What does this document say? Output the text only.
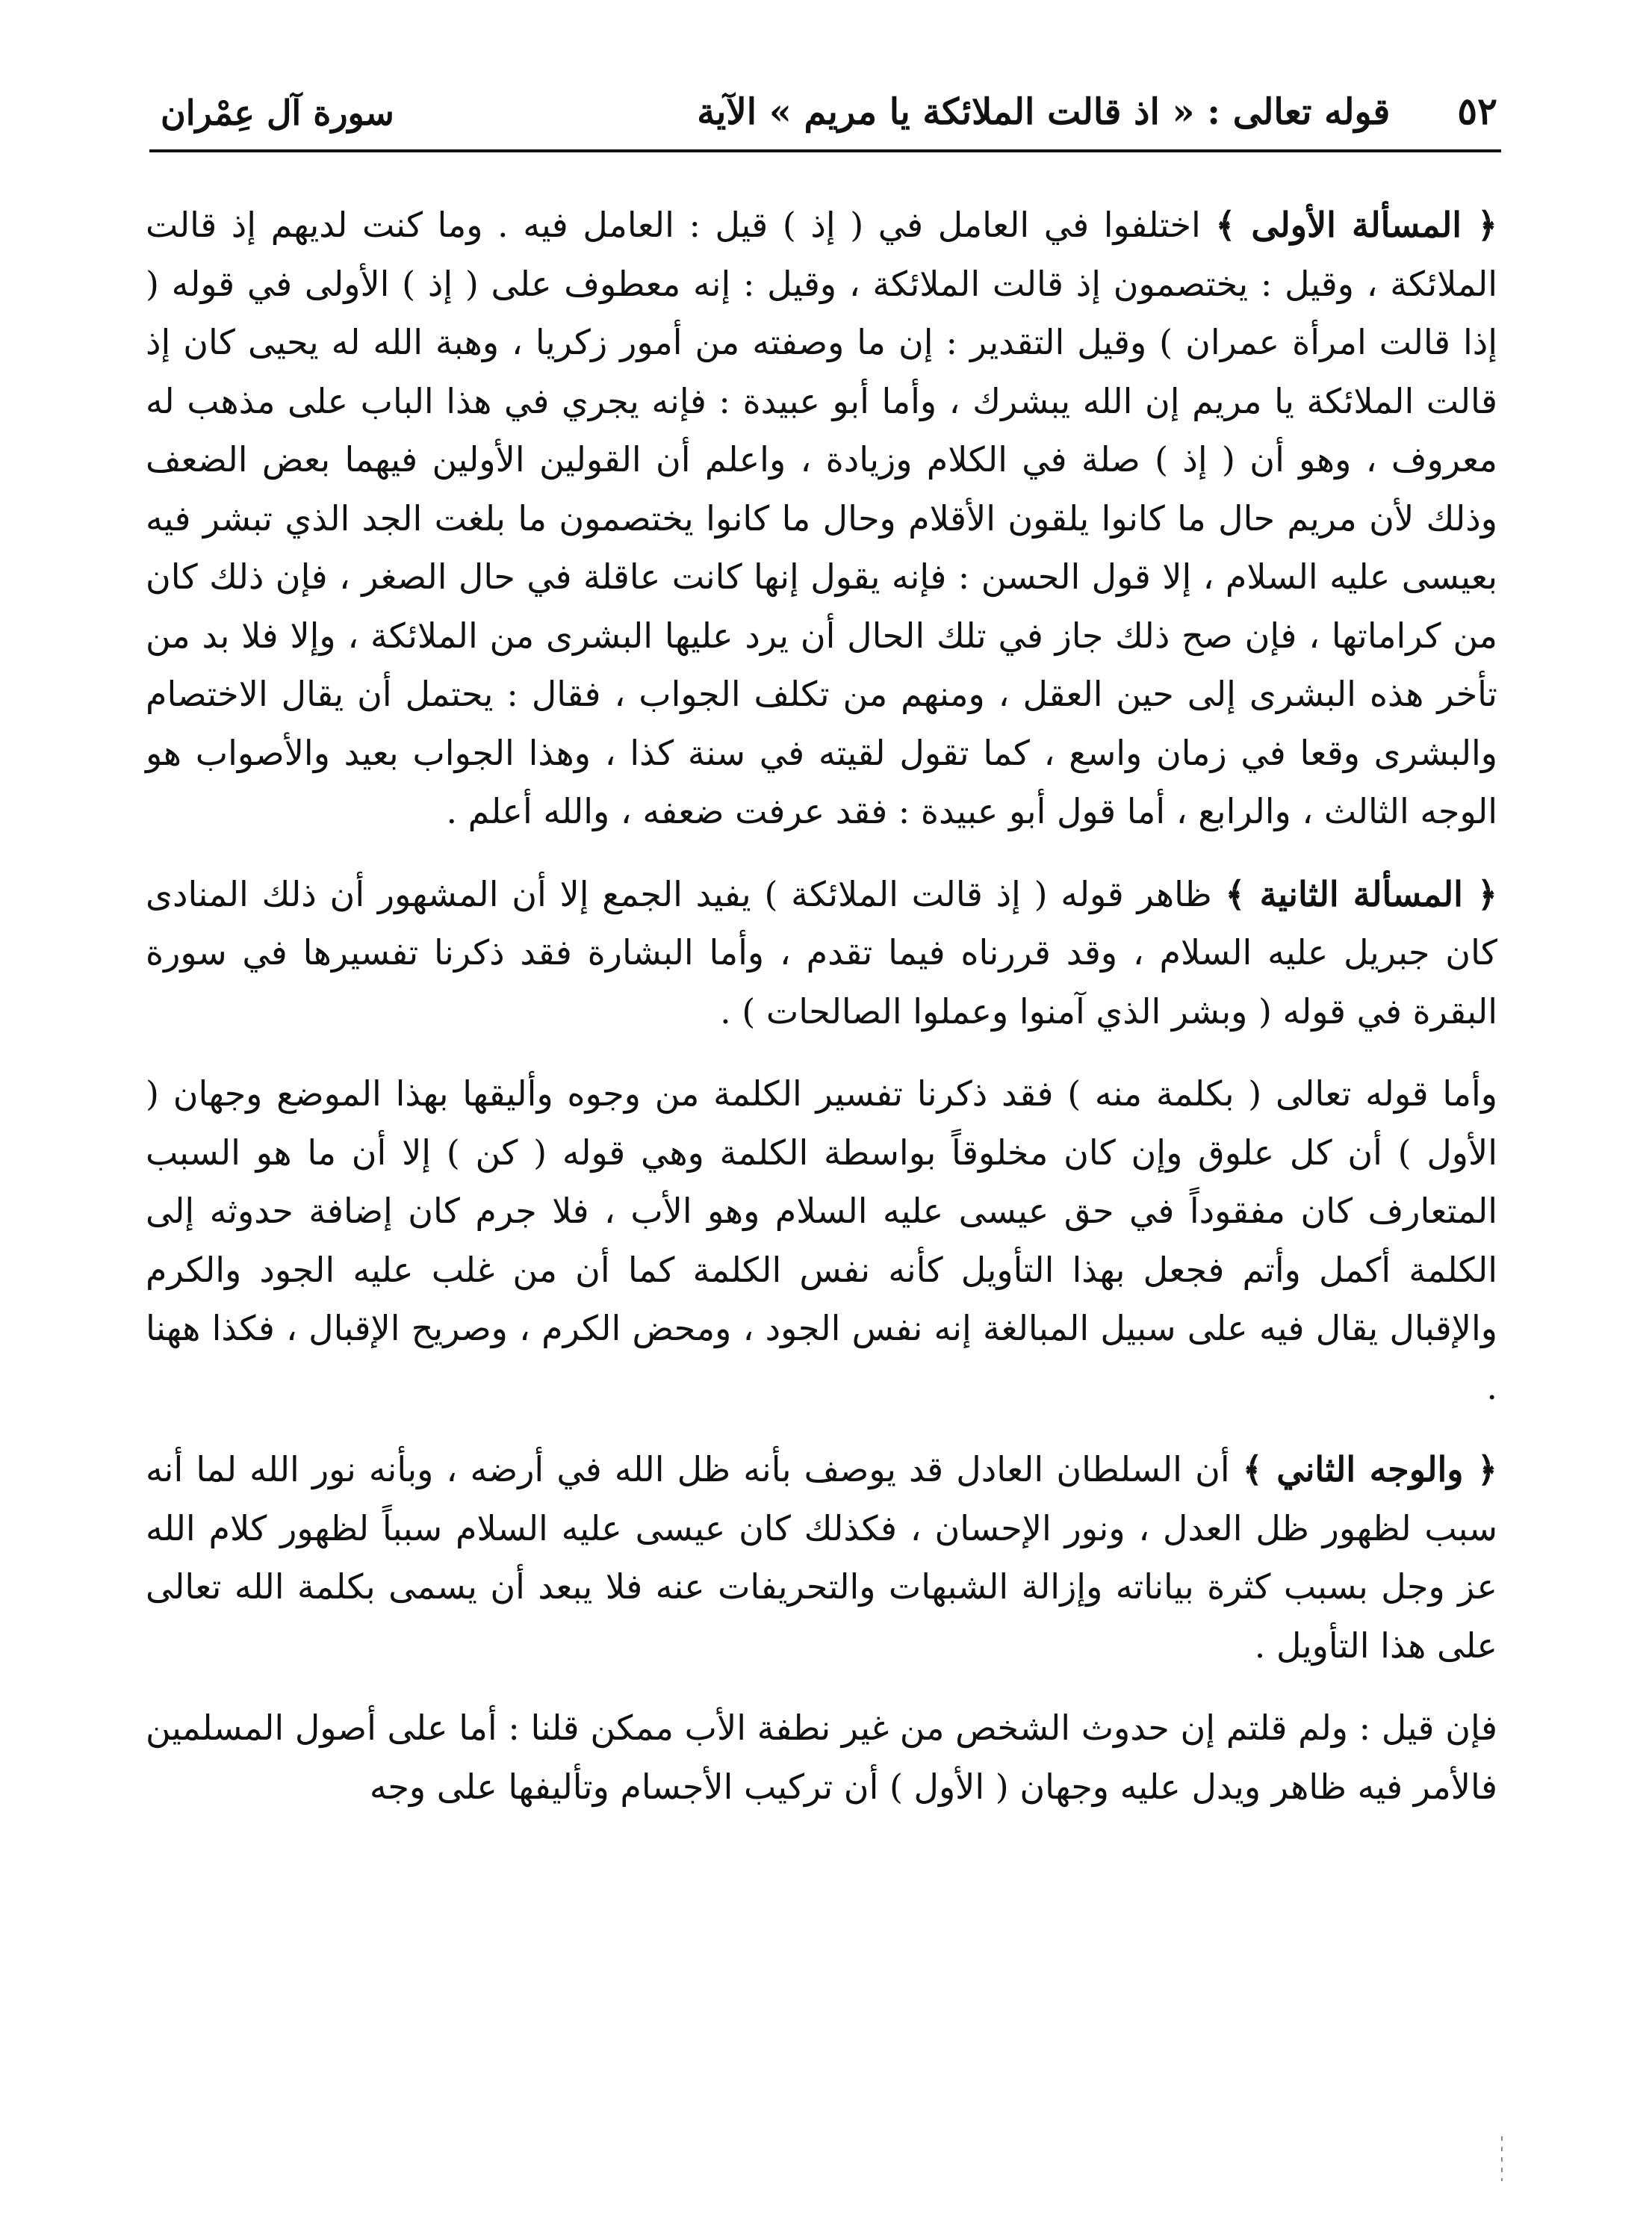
٥٢
قوله تعالى : « اذ قالت الملائكة يا مريم » الآية
سورة آل عِمْران

﴿ المسألة الأولى ﴾ اختلفوا في العامل في ( إذ ) قيل : العامل فيه . وما كنت لديهم إذ قالت الملائكة ، وقيل : يختصمون إذ قالت الملائكة ، وقيل : إنه معطوف على ( إذ ) الأولى في قوله ( إذا قالت امرأة عمران ) وقيل التقدير : إن ما وصفته من أمور زكريا ، وهبة الله له يحيى كان إذ قالت الملائكة يا مريم إن الله يبشرك ، وأما أبو عبيدة : فإنه يجري في هذا الباب على مذهب له معروف ، وهو أن ( إذ ) صلة في الكلام وزيادة ، واعلم أن القولين الأولين فيهما بعض الضعف وذلك لأن مريم حال ما كانوا يلقون الأقلام وحال ما كانوا يختصمون ما بلغت الجد الذي تبشر فيه بعيسى عليه السلام ، إلا قول الحسن : فإنه يقول إنها كانت عاقلة في حال الصغر ، فإن ذلك كان من كراماتها ، فإن صح ذلك جاز في تلك الحال أن يرد عليها البشرى من الملائكة ، وإلا فلا بد من تأخر هذه البشرى إلى حين العقل ، ومنهم من تكلف الجواب ، فقال : يحتمل أن يقال الاختصام والبشرى وقعا في زمان واسع ، كما تقول لقيته في سنة كذا ، وهذا الجواب بعيد والأصواب هو الوجه الثالث ، والرابع ، أما قول أبو عبيدة : فقد عرفت ضعفه ، والله أعلم .

﴿ المسألة الثانية ﴾ ظاهر قوله ( إذ قالت الملائكة ) يفيد الجمع إلا أن المشهور أن ذلك المنادى كان جبريل عليه السلام ، وقد قررناه فيما تقدم ، وأما البشارة فقد ذكرنا تفسيرها في سورة البقرة في قوله ( وبشر الذي آمنوا وعملوا الصالحات ) .

وأما قوله تعالى ( بكلمة منه ) فقد ذكرنا تفسير الكلمة من وجوه وأليقها بهذا الموضع وجهان ( الأول ) أن كل علوق وإن كان مخلوقاً بواسطة الكلمة وهي قوله ( كن ) إلا أن ما هو السبب المتعارف كان مفقوداً في حق عيسى عليه السلام وهو الأب ، فلا جرم كان إضافة حدوثه إلى الكلمة أكمل وأتم فجعل بهذا التأويل كأنه نفس الكلمة كما أن من غلب عليه الجود والكرم والإقبال يقال فيه على سبيل المبالغة إنه نفس الجود ، ومحض الكرم ، وصريح الإقبال ، فكذا ههنا .

﴿ والوجه الثاني ﴾ أن السلطان العادل قد يوصف بأنه ظل الله في أرضه ، وبأنه نور الله لما أنه سبب لظهور ظل العدل ، ونور الإحسان ، فكذلك كان عيسى عليه السلام سبباً لظهور كلام الله عز وجل بسبب كثرة بياناته وإزالة الشبهات والتحريفات عنه فلا يبعد أن يسمى بكلمة الله تعالى على هذا التأويل .

فإن قيل : ولم قلتم إن حدوث الشخص من غير نطفة الأب ممكن قلنا : أما على أصول المسلمين فالأمر فيه ظاهر ويدل عليه وجهان ( الأول ) أن تركيب الأجسام وتأليفها على وجه
